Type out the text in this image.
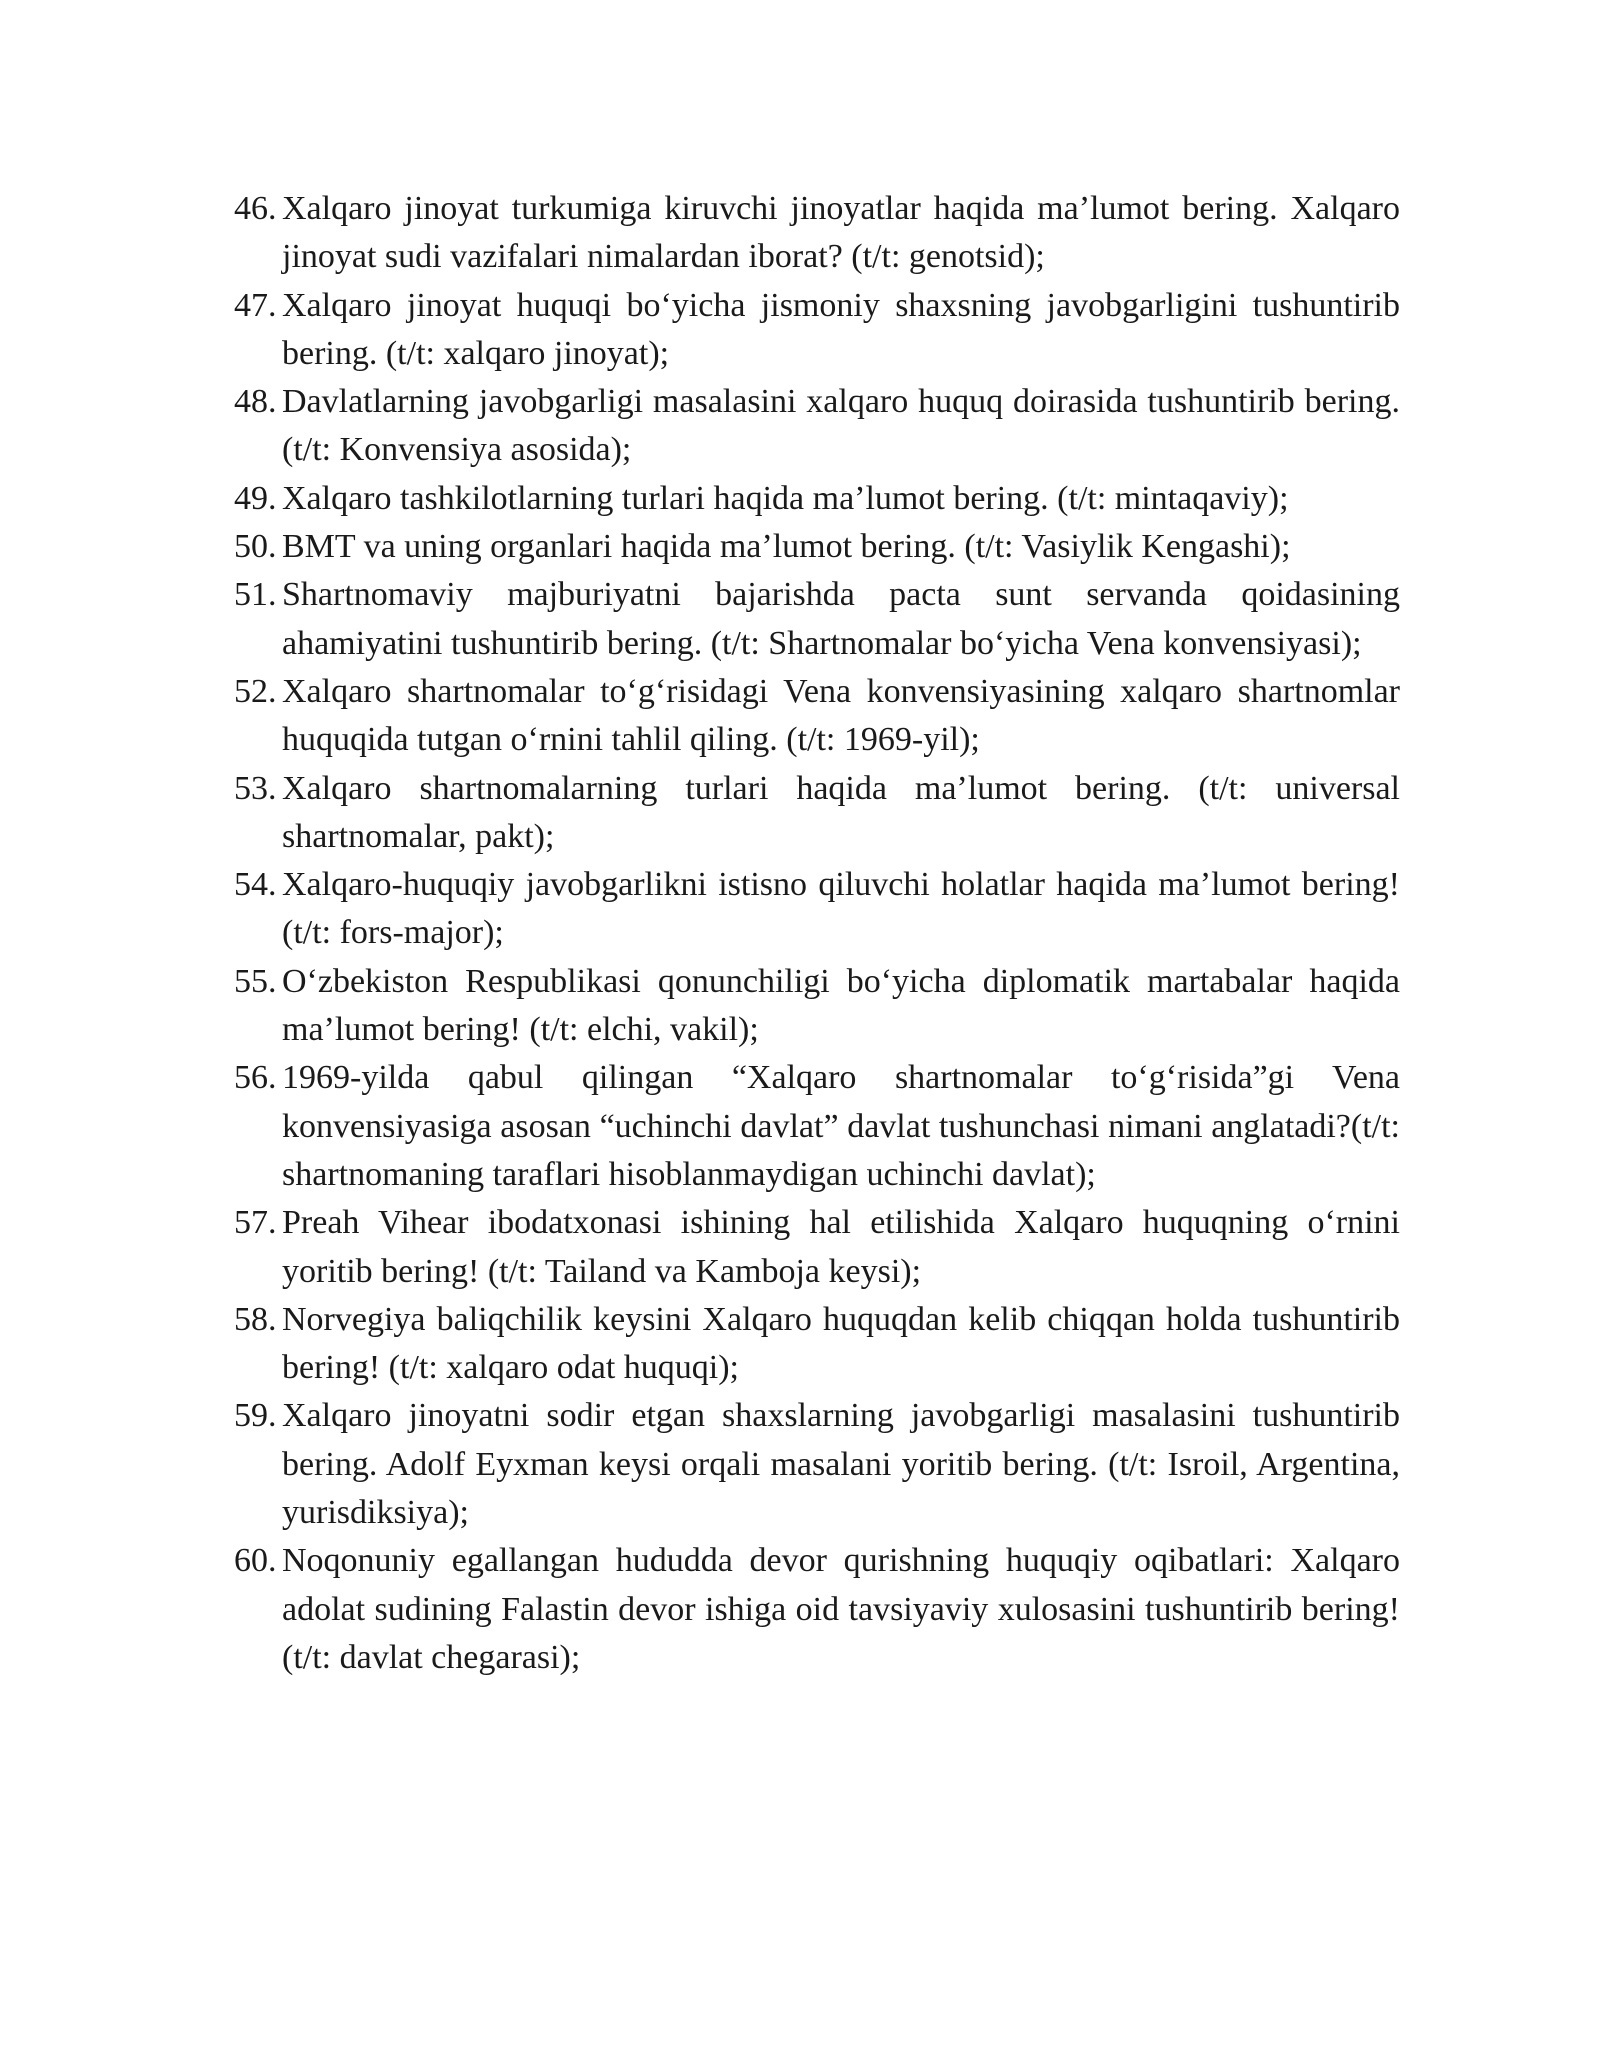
46. Xalqaro jinoyat turkumiga kiruvchi jinoyatlar haqida ma’lumot bering. Xalqaro jinoyat sudi vazifalari nimalardan iborat? (t/t: genotsid);
47. Xalqaro jinoyat huquqi bo‘yicha jismoniy shaxsning javobgarligini tushuntirib bering. (t/t: xalqaro jinoyat);
48. Davlatlarning javobgarligi masalasini xalqaro huquq doirasida tushuntirib bering. (t/t: Konvensiya asosida);
49. Xalqaro tashkilotlarning turlari haqida ma’lumot bering. (t/t: mintaqaviy);
50. BMT va uning organlari haqida ma’lumot bering. (t/t: Vasiylik Kengashi);
51. Shartnomaviy majburiyatni bajarishda pacta sunt servanda qoidasining ahamiyatini tushuntirib bering. (t/t: Shartnomalar bo‘yicha Vena konvensiyasi);
52. Xalqaro shartnomalar to‘g‘risidagi Vena konvensiyasining xalqaro shartnomlar huquqida tutgan o‘rnini tahlil qiling. (t/t: 1969-yil);
53. Xalqaro shartnomalarning turlari haqida ma’lumot bering. (t/t: universal shartnomalar, pakt);
54. Xalqaro-huquqiy javobgarlikni istisno qiluvchi holatlar haqida ma’lumot bering! (t/t: fors-major);
55. O‘zbekiston Respublikasi qonunchiligi bo‘yicha diplomatik martabalar haqida ma’lumot bering! (t/t: elchi, vakil);
56. 1969-yilda qabul qilingan “Xalqaro shartnomalar to‘g‘risida”gi Vena konvensiyasiga asosan “uchinchi davlat” davlat tushunchasi nimani anglatadi?(t/t: shartnomaning taraflari hisoblanmaydigan uchinchi davlat);
57. Preah Vihear ibodatxonasi ishining hal etilishida Xalqaro huquqning o‘rnini yoritib bering! (t/t: Tailand va Kamboja keysi);
58. Norvegiya baliqchilik keysini Xalqaro huquqdan kelib chiqqan holda tushuntirib bering! (t/t: xalqaro odat huquqi);
59. Xalqaro jinoyatni sodir etgan shaxslarning javobgarligi masalasini tushuntirib bering. Adolf Eyxman keysi orqali masalani yoritib bering. (t/t: Isroil, Argentina, yurisdiksiya);
60. Noqonuniy egallangan hududda devor qurishning huquqiy oqibatlari: Xalqaro adolat sudining Falastin devor ishiga oid tavsiyaviy xulosasini tushuntirib bering! (t/t: davlat chegarasi);
